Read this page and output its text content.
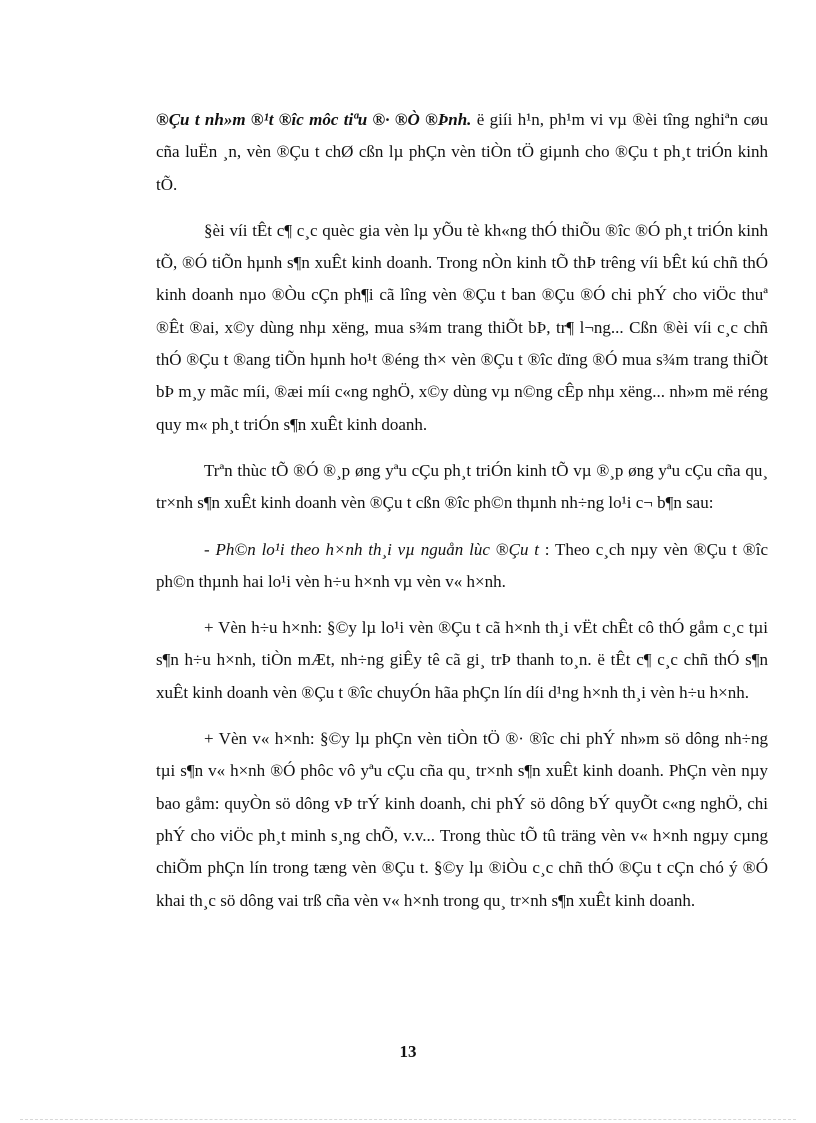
®Çu t nh»m ®¹t ®îc môc tiªu ®· ®Ò ®Þnh. ë giíi h¹n, ph¹m vi vµ ®èi tîng nghiªn cøu cña luËn ¸n, vèn ®Çu t chØ cßn lµ phÇn vèn tiÒn tÖ giµnh cho ®Çu t ph¸t triÓn kinh tÕ.

§èi víi tÊt c¶ c¸c quèc gia vèn lµ yÕu tè kh«ng thÓ thiÕu ®îc ®Ó ph¸t triÓn kinh tÕ, ®Ó tiÕn hµnh s¶n xuÊt kinh doanh. Trong nÒn kinh tÕ thÞ trêng víi bÊt kú chñ thÓ kinh doanh nµo ®Òu cÇn ph¶i cã lîng vèn ®Çu t ban ®Çu ®Ó chi phÝ cho viÖc thuª ®Êt ®ai, x©y dùng nhµ xëng, mua s¾m trang thiÕt bÞ, tr¶ l¬ng... Cßn ®èi víi c¸c chñ thÓ ®Çu t ®ang tiÕn hµnh ho¹t ®éng th× vèn ®Çu t ®îc dïng ®Ó mua s¾m trang thiÕt bÞ m¸y mãc míi, ®æi míi c«ng nghÖ, x©y dùng vµ n©ng cÊp nhµ xëng... nh»m më réng quy m« ph¸t triÓn s¶n xuÊt kinh doanh.

Trªn thùc tÕ ®Ó ®¸p øng yªu cÇu ph¸t triÓn kinh tÕ vµ ®¸p øng yªu cÇu cña qu¸ tr×nh s¶n xuÊt kinh doanh vèn ®Çu t cßn ®îc ph©n thµnh nh÷ng lo¹i c¬ b¶n sau:

- Ph©n lo¹i theo h×nh th¸i vµ nguån lùc ®Çu t : Theo c¸ch nµy vèn ®Çu t ®îc ph©n thµnh hai lo¹i vèn h÷u h×nh vµ vèn v« h×nh.

+ Vèn h÷u h×nh: §©y lµ lo¹i vèn ®Çu t cã h×nh th¸i vËt chÊt cô thÓ gåm c¸c tµi s¶n h÷u h×nh, tiÒn mÆt, nh÷ng giÊy tê cã gi¸ trÞ thanh to¸n. ë tÊt c¶ c¸c chñ thÓ s¶n xuÊt kinh doanh vèn ®Çu t ®îc chuyÓn hãa phÇn lín díi d¹ng h×nh th¸i vèn h÷u h×nh.

+ Vèn v« h×nh: §©y lµ phÇn vèn tiÒn tÖ ®· ®îc chi phÝ nh»m sö dông nh÷ng tµi s¶n v« h×nh ®Ó phôc vô yªu cÇu cña qu¸ tr×nh s¶n xuÊt kinh doanh. PhÇn vèn nµy bao gåm: quyÒn sö dông vÞ trÝ kinh doanh, chi phÝ sö dông bÝ quyÕt c«ng nghÖ, chi phÝ cho viÖc ph¸t minh s¸ng chÕ, v.v... Trong thùc tÕ tû träng vèn v« h×nh ngµy cµng chiÕm phÇn lín trong tæng vèn ®Çu t. §©y lµ ®iÒu c¸c chñ thÓ ®Çu t cÇn chó ý ®Ó khai th¸c sö dông vai trß cña vèn v« h×nh trong qu¸ tr×nh s¶n xuÊt kinh doanh.

13
